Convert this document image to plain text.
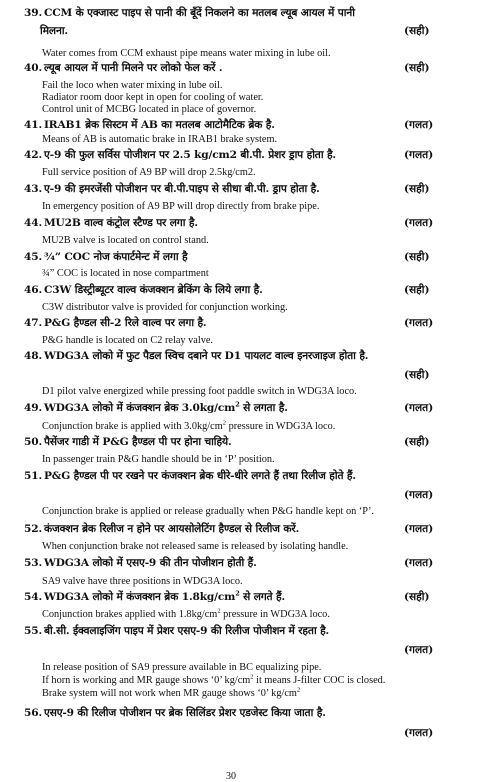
39. CCM के एक्जास्ट पाइप से पानी की बूँदें निकलने का मतलब ल्यूब आयल में पानी
मिलना.	(सही)
Water comes from CCM exhaust pipe means water mixing in lube oil.
40. ल्यूब आयल में पानी मिलने पर लोको फेल करें .	(सही)
Fail the loco when water mixing in lube oil.
Radiator room door kept in open for cooling of water.
Control unit of MCBG located in place of governor.
41. IRAB1 ब्रेक सिस्टम में AB का मतलब आटोमैटिक ब्रेक है.	(गलत)
Means of AB is automatic brake in IRAB1 brake system.
42. ए-9 की फुल सर्विस पोजीशन पर 2.5 kg/cm2 बी.पी. प्रेशर ड्राप होता है.	(गलत)
Full service position of A9 BP will drop 2.5kg/cm2.
43. ए-9 की इमरजेंसी पोजीशन पर बी.पी.पाइप से सीधा बी.पी. ड्राप होता है.	(सही)
In emergency position of A9 BP will drop directly from brake pipe.
44. MU2B वाल्व कंट्रोल स्टैण्ड पर लगा है.	(गलत)
MU2B valve is located on control stand.
45. ¾” COC नोज कंपार्टमेन्ट में लगा है	(सही)
¾” COC is located in nose compartment
46. C3W डिस्ट्रीब्यूटर वाल्व कंजक्शन ब्रेकिंग के लिये लगा है.	(सही)
C3W distributor valve is provided for conjunction working.
47. P&G हैण्डल सी-2 रिले वाल्व पर लगा है.	(गलत)
P&G handle is located on C2 relay valve.
48. WDG3A लोको में फुट पैडल स्विच दबाने पर D1 पायलट वाल्व इनरजाइज होता है.
(सही)
D1 pilot valve energized while pressing foot paddle switch in WDG3A loco.
49. WDG3A लोको में कंजक्शन ब्रेक $3.0kg/cm^2$ से लगता है.	(गलत)
Conjunction brake is applied with $3.0kg/cm^2$ pressure in WDG3A loco.
50. पैसेंजर गाडी में P&G हैण्डल पी पर होना चाहिये.	(सही)
In passenger train P&G handle should be in ‘P’ position.
51. P&G हैण्डल पी पर रखने पर कंजक्शन ब्रेक धीरे-धीरे लगते हैं तथा रिलीज होते हैं.
(गलत)
Conjunction brake is applied or release gradually when P&G handle kept on ‘P’.
52. कंजक्शन ब्रेक रिलीज न होने पर आयसोलेटिंग हैण्डल से रिलीज करें.	(गलत)
When conjunction brake not released same is released by isolating handle.
53. WDG3A लोको में एसए-9 की तीन पोजीशन होती हैं.	(गलत)
SA9 valve have three positions in WDG3A loco.
54. WDG3A लोको में कंजक्शन ब्रेक $1.8kg/cm^2$ से लगते हैं.	(सही)
Conjunction brakes applied with $1.8kg/cm^2$ pressure in WDG3A loco.
55. बी.सी. ईक्वलाइजिंग पाइप में प्रेशर एसए-9 की रिलीज पोजीशन में रहता है.
(गलत)
In release position of SA9 pressure available in BC equalizing pipe.
If horn is working and MR gauge shows ‘0’ $kg/cm^2$ it means J-filter COC is closed.
Brake system will not work when MR gauge shows ‘0’ $kg/cm^2$
56. एसए-9 की रिलीज पोजीशन पर ब्रेक सिलिंडर प्रेशर एडजेस्ट किया जाता है.
(गलत)
30
